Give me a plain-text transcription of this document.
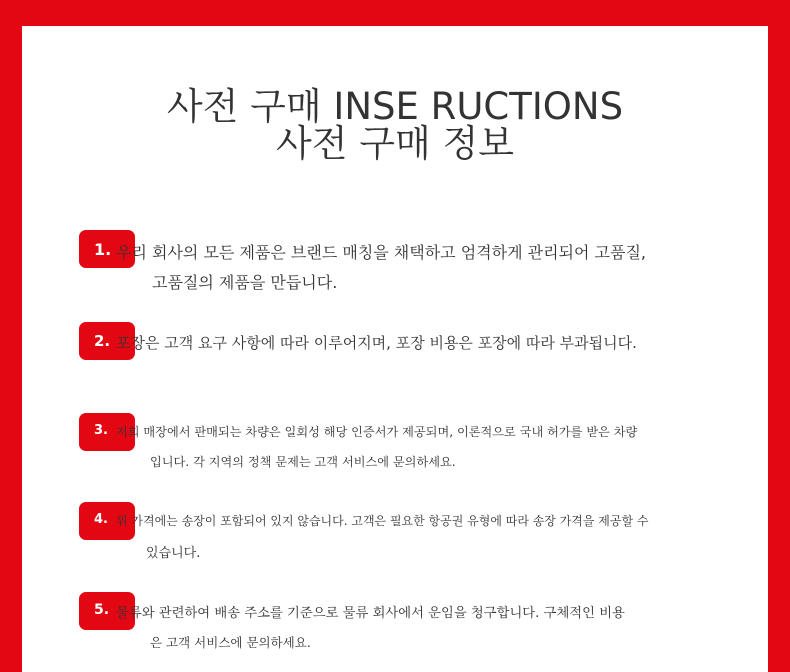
사전 구매 INSE RUCTIONS
사전 구매 정보
1. 우리 회사의 모든 제품은 브랜드 매칭을 채택하고 엄격하게 관리되어 고품질,
고품질의 제품을 만듭니다.
2. 포장은 고객 요구 사항에 따라 이루어지며, 포장 비용은 포장에 따라 부과됩니다.
3. 저희 매장에서 판매되는 차량은 일회성 해당 인증서가 제공되며, 이론적으로 국내 허가를 받은 차량
입니다. 각 지역의 정책 문제는 고객 서비스에 문의하세요.
4. 위 가격에는 송장이 포함되어 있지 않습니다. 고객은 필요한 항공권 유형에 따라 송장 가격을 제공할 수
있습니다.
5. 물류와 관련하여 배송 주소를 기준으로 물류 회사에서 운임을 청구합니다. 구체적인 비용
은 고객 서비스에 문의하세요.
